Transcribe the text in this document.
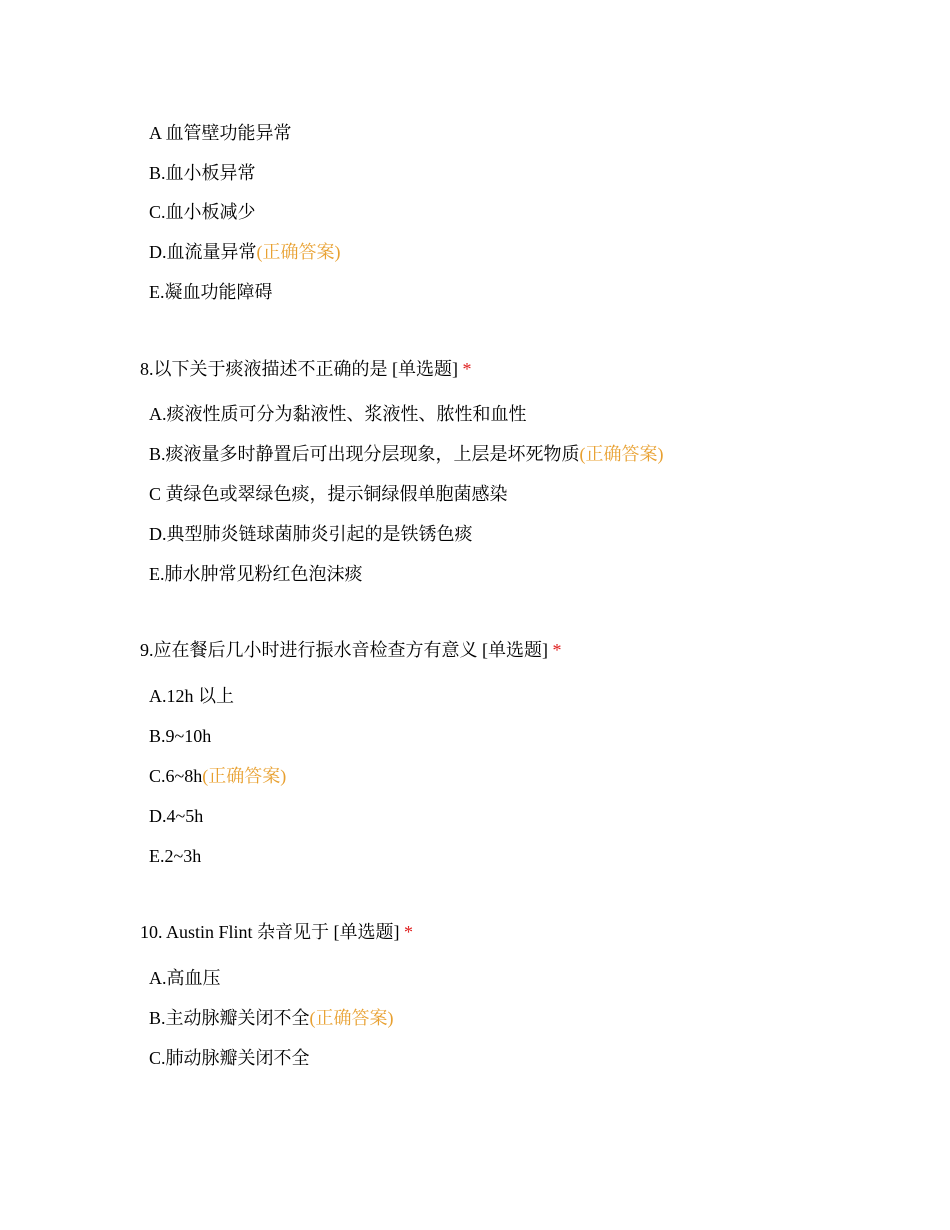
A 血管壁功能异常
B.血小板异常
C.血小板减少
D.血流量异常(正确答案)
E.凝血功能障碍
8.以下关于痰液描述不正确的是 [单选题] *
A.痰液性质可分为黏液性、浆液性、脓性和血性
B.痰液量多时静置后可出现分层现象，上层是坏死物质(正确答案)
C 黄绿色或翠绿色痰，提示铜绿假单胞菌感染
D.典型肺炎链球菌肺炎引起的是铁锈色痰
E.肺水肿常见粉红色泡沫痰
9.应在餐后几小时进行振水音检查方有意义 [单选题] *
A.12h 以上
B.9~10h
C.6~8h(正确答案)
D.4~5h
E.2~3h
10. Austin Flint 杂音见于 [单选题] *
A.高血压
B.主动脉瓣关闭不全(正确答案)
C.肺动脉瓣关闭不全
